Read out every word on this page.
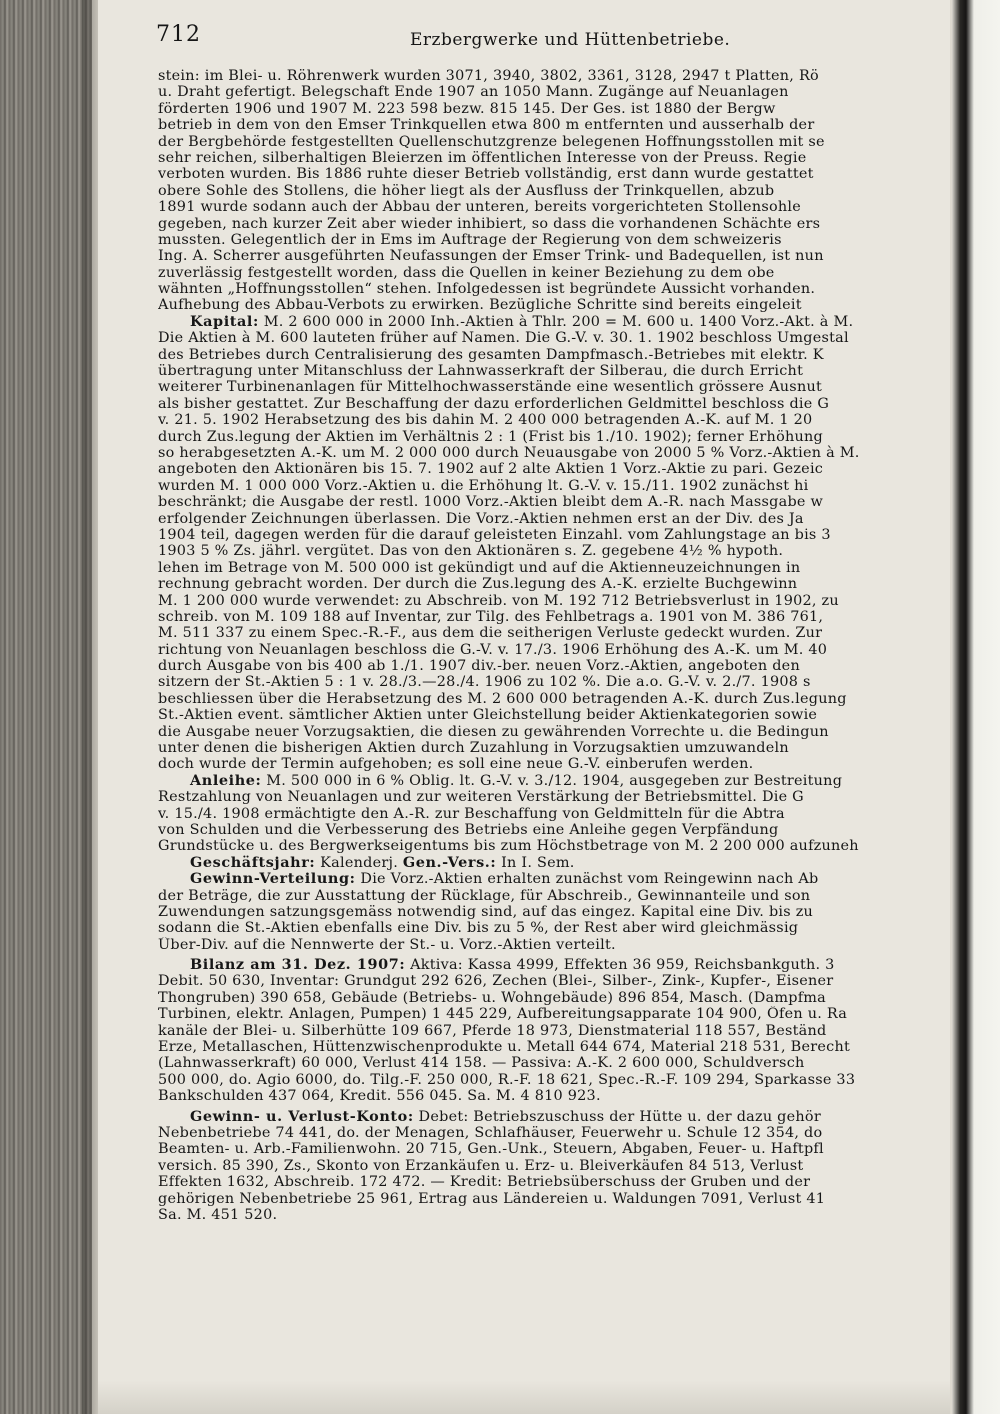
712	Erzbergwerke und Hüttenbetriebe.
stein: im Blei- u. Röhrenwerk wurden 3071, 3940, 3802, 3361, 3128, 2947 t Platten, Rö
u. Draht gefertigt. Belegschaft Ende 1907 an 1050 Mann. Zugänge auf Neuanlagen
förderten 1906 und 1907 M. 223 598 bezw. 815 145. Der Ges. ist 1880 der Bergw
betrieb in dem von den Emser Trinkquellen etwa 800 m entfernten und ausserhalb der
der Bergbehörde festgestellten Quellenschutzgrenze belegenen Hoffnungsstollen mit se
sehr reichen, silberhaltigen Bleierzen im öffentlichen Interesse von der Preuss. Regie
verboten wurden. Bis 1886 ruhte dieser Betrieb vollständig, erst dann wurde gestattet
obere Sohle des Stollens, die höher liegt als der Ausfluss der Trinkquellen, abzub
1891 wurde sodann auch der Abbau der unteren, bereits vorgerichteten Stollensohle
gegeben, nach kurzer Zeit aber wieder inhibiert, so dass die vorhandenen Schächte ers
mussten. Gelegentlich der in Ems im Auftrage der Regierung von dem schweizeris
Ing. A. Scherrer ausgeführten Neufassungen der Emser Trink- und Badequellen, ist nun
zuverlässig festgestellt worden, dass die Quellen in keiner Beziehung zu dem obe
wähnten „Hoffnungsstollen“ stehen. Infolgedessen ist begründete Aussicht vorhanden.
Aufhebung des Abbau-Verbots zu erwirken. Bezügliche Schritte sind bereits eingeleit
Kapital: M. 2 600 000 in 2000 Inh.-Aktien à Thlr. 200 = M. 600 u. 1400 Vorz.-Akt. à M.
Die Aktien à M. 600 lauteten früher auf Namen. Die G.-V. v. 30. 1. 1902 beschloss Umgestal
des Betriebes durch Centralisierung des gesamten Dampfmasch.-Betriebes mit elektr. K
übertragung unter Mitanschluss der Lahnwasserkraft der Silberau, die durch Erricht
weiterer Turbinenanlagen für Mittelhochwasserstände eine wesentlich grössere Ausnut
als bisher gestattet. Zur Beschaffung der dazu erforderlichen Geldmittel beschloss die G
v. 21. 5. 1902 Herabsetzung des bis dahin M. 2 400 000 betragenden A.-K. auf M. 1 20
durch Zus.legung der Aktien im Verhältnis 2 : 1 (Frist bis 1./10. 1902); ferner Erhöhung
so herabgesetzten A.-K. um M. 2 000 000 durch Neuausgabe von 2000 5 % Vorz.-Aktien à M.
angeboten den Aktionären bis 15. 7. 1902 auf 2 alte Aktien 1 Vorz.-Aktie zu pari. Gezeic
wurden M. 1 000 000 Vorz.-Aktien u. die Erhöhung lt. G.-V. v. 15./11. 1902 zunächst hi
beschränkt; die Ausgabe der restl. 1000 Vorz.-Aktien bleibt dem A.-R. nach Massgabe w
erfolgender Zeichnungen überlassen. Die Vorz.-Aktien nehmen erst an der Div. des Ja
1904 teil, dagegen werden für die darauf geleisteten Einzahl. vom Zahlungstage an bis 3
1903 5 % Zs. jährl. vergütet. Das von den Aktionären s. Z. gegebene 4½ % hypoth.
lehen im Betrage von M. 500 000 ist gekündigt und auf die Aktienneuzeichnungen in
rechnung gebracht worden. Der durch die Zus.legung des A.-K. erzielte Buchgewinn
M. 1 200 000 wurde verwendet: zu Abschreib. von M. 192 712 Betriebsverlust in 1902, zu
schreib. von M. 109 188 auf Inventar, zur Tilg. des Fehlbetrags a. 1901 von M. 386 761,
M. 511 337 zu einem Spec.-R.-F., aus dem die seitherigen Verluste gedeckt wurden. Zur
richtung von Neuanlagen beschloss die G.-V. v. 17./3. 1906 Erhöhung des A.-K. um M. 40
durch Ausgabe von bis 400 ab 1./1. 1907 div.-ber. neuen Vorz.-Aktien, angeboten den
sitzern der St.-Aktien 5 : 1 v. 28./3.—28./4. 1906 zu 102 %. Die a.o. G.-V. v. 2./7. 1908 s
beschliessen über die Herabsetzung des M. 2 600 000 betragenden A.-K. durch Zus.legung
St.-Aktien event. sämtlicher Aktien unter Gleichstellung beider Aktienkategorien sowie
die Ausgabe neuer Vorzugsaktien, die diesen zu gewährenden Vorrechte u. die Bedingun
unter denen die bisherigen Aktien durch Zuzahlung in Vorzugsaktien umzuwandeln
doch wurde der Termin aufgehoben; es soll eine neue G.-V. einberufen werden.
Anleihe: M. 500 000 in 6 % Oblig. lt. G.-V. v. 3./12. 1904, ausgegeben zur Bestreitung
Restzahlung von Neuanlagen und zur weiteren Verstärkung der Betriebsmittel. Die G
v. 15./4. 1908 ermächtigte den A.-R. zur Beschaffung von Geldmitteln für die Abtra
von Schulden und die Verbesserung des Betriebs eine Anleihe gegen Verpfändung
Grundstücke u. des Bergwerkseigentums bis zum Höchstbetrage von M. 2 200 000 aufzuneh
Geschäftsjahr: Kalenderj. Gen.-Vers.: In I. Sem.
Gewinn-Verteilung: Die Vorz.-Aktien erhalten zunächst vom Reingewinn nach Ab
der Beträge, die zur Ausstattung der Rücklage, für Abschreib., Gewinnanteile und son
Zuwendungen satzungsgemäss notwendig sind, auf das eingez. Kapital eine Div. bis zu
sodann die St.-Aktien ebenfalls eine Div. bis zu 5 %, der Rest aber wird gleichmässig
Über-Div. auf die Nennwerte der St.- u. Vorz.-Aktien verteilt.
Bilanz am 31. Dez. 1907: Aktiva: Kassa 4999, Effekten 36 959, Reichsbankguth. 3
Debit. 50 630, Inventar: Grundgut 292 626, Zechen (Blei-, Silber-, Zink-, Kupfer-, Eisener
Thongruben) 390 658, Gebäude (Betriebs- u. Wohngebäude) 896 854, Masch. (Dampfma
Turbinen, elektr. Anlagen, Pumpen) 1 445 229, Aufbereitungsapparate 104 900, Öfen u. Ra
kanäle der Blei- u. Silberhütte 109 667, Pferde 18 973, Dienstmaterial 118 557, Beständ
Erze, Metallaschen, Hüttenzwischenprodukte u. Metall 644 674, Material 218 531, Berecht
(Lahnwasserkraft) 60 000, Verlust 414 158. — Passiva: A.-K. 2 600 000, Schuldversch
500 000, do. Agio 6000, do. Tilg.-F. 250 000, R.-F. 18 621, Spec.-R.-F. 109 294, Sparkasse 33
Bankschulden 437 064, Kredit. 556 045. Sa. M. 4 810 923.
Gewinn- u. Verlust-Konto: Debet: Betriebszuschuss der Hütte u. der dazu gehör
Nebenbetriebe 74 441, do. der Menagen, Schlafhäuser, Feuerwehr u. Schule 12 354, do
Beamten- u. Arb.-Familienwohn. 20 715, Gen.-Unk., Steuern, Abgaben, Feuer- u. Haftpfl
versich. 85 390, Zs., Skonto von Erzankäufen u. Erz- u. Bleiverkäufen 84 513, Verlust
Effekten 1632, Abschreib. 172 472. — Kredit: Betriebsüberschuss der Gruben und der
gehörigen Nebenbetriebe 25 961, Ertrag aus Ländereien u. Waldungen 7091, Verlust 41
Sa. M. 451 520.
